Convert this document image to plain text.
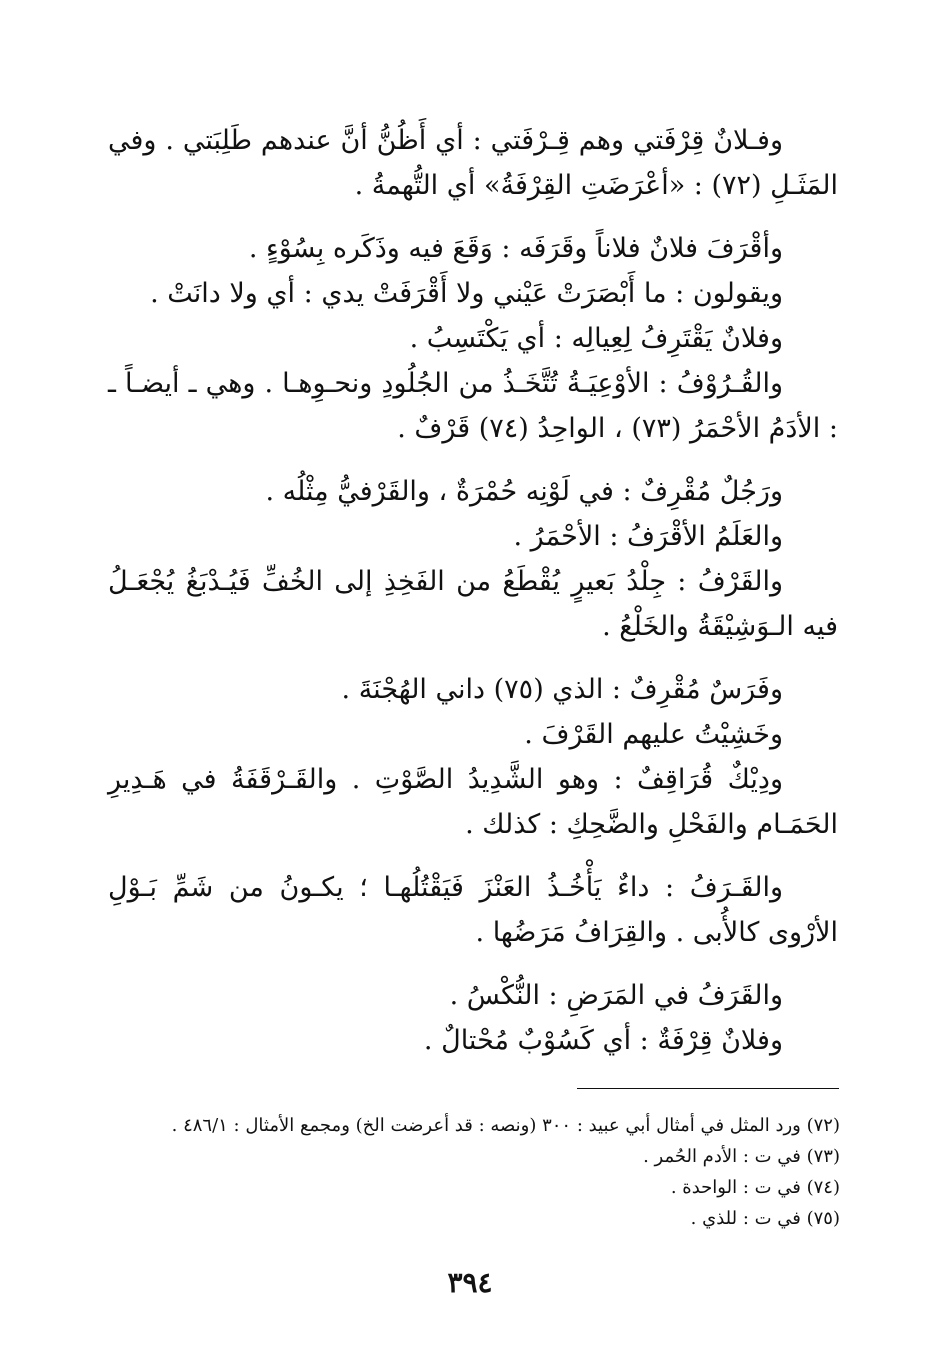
وفـلانٌ قِرْفَتي وهم قِـرْفَتي : أي أَظُنُّ أنَّ عندهم طَلِبَتي . وفي المَثَـلِ (٧٢) : «أعْرَضَتِ القِرْفَةُ» أي التُّهمةُ .

وأقْرَفَ فلانٌ فلاناً وقَرَفَه : وَقَعَ فيه وذَكَره بِسُوْءٍ .

ويقولون : ما أَبْصَرَتْ عَيْني ولا أَقْرَفَتْ يدي : أي ولا دانَتْ .

وفلانٌ يَقْتَرِفُ لِعِيالِه : أي يَكْتَسِبُ .

والقُـرُوْفُ : الأوْعِيَـةُ تُتَّخَـذُ من الجُلُودِ ونحـوِهـا . وهي ـ أيضـاً ـ : الأدَمُ الأحْمَرُ (٧٣) ، الواحِدُ (٧٤) قَرْفٌ .

ورَجُلٌ مُقْرِفٌ : في لَوْنِه حُمْرَةٌ ، والقَرْفيُّ مِثْلُه .

والعَلَمُ الأقْرَفُ : الأحْمَرُ .

والقَرْفُ : جِلْدُ بَعيرٍ يُقْطَعُ من الفَخِذِ إلى الخُفِّ فَيُـدْبَغُ يُجْعَـلُ فيه الـوَشِيْقَةُ والخَلْعُ .

وفَرَسٌ مُقْرِفٌ : الذي (٧٥) داني الهُجْنَةَ .

وخَشِيْتُ عليهم القَرْفَ .

ودِيْكٌ قُرَاقِفٌ : وهو الشَّدِيدُ الصَّوْتِ . والقَـرْقَفَةُ في هَـدِيرِ الحَمَـام والفَحْلِ والضَّحِكِ : كذلك .

والقَـرَفُ : داءٌ يَأْخُـذُ العَنْزَ فَيَقْتُلُهـا ؛ يكـونُ من شَمِّ بَـوْلِ الأرْوى كالأُبى . والقِرَافُ مَرَضُها .

والقَرَفُ في المَرَضِ : النُّكْسُ .

وفلانٌ قِرْفَةٌ : أي كَسُوْبٌ مُحْتالٌ .

(٧٢) ورد المثل في أمثال أبي عبيد : ٣٠٠ (ونصه : قد أعرضت الخ) ومجمع الأمثال : ٤٨٦/١ .

(٧٣) في ت : الأدم الحُمر .

(٧٤) في ت : الواحدة .

(٧٥) في ت : للذي .

٣٩٤
